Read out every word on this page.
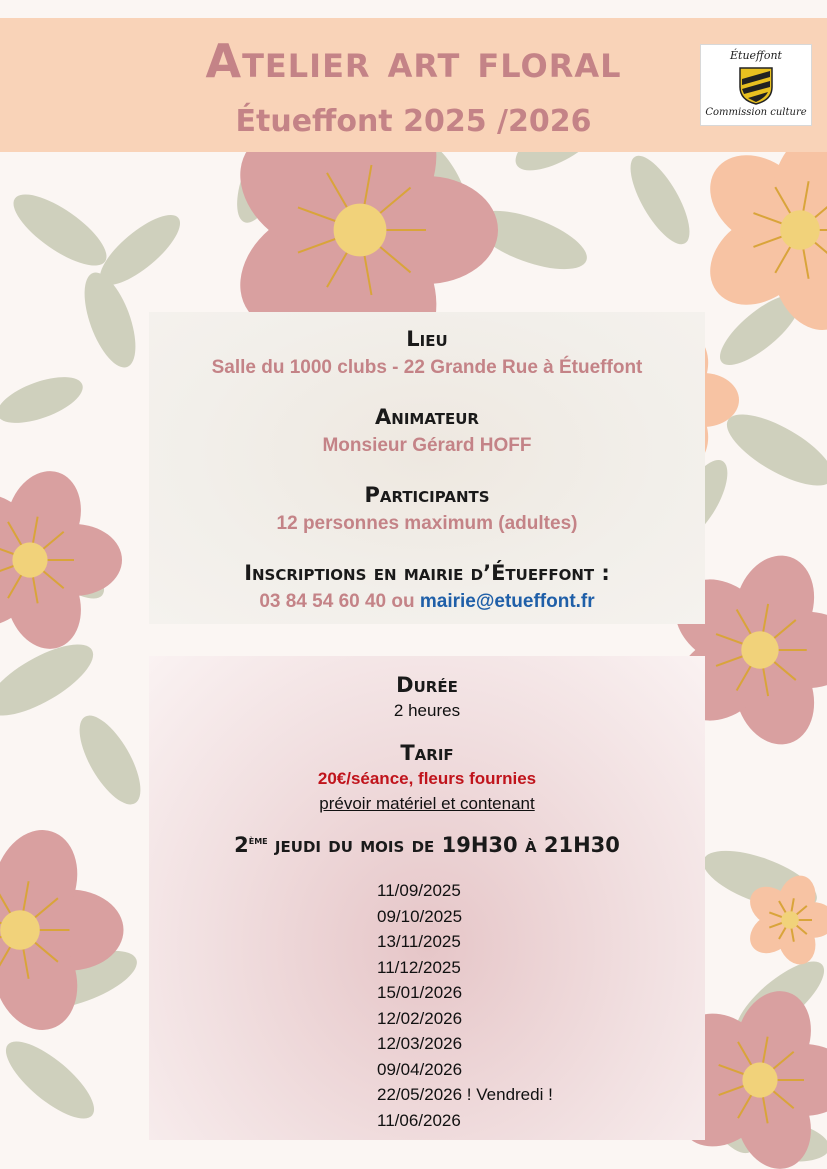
Atelier art floral
Étueffont 2025 /2026
Étueffont
Commission culture
Lieu
Salle du 1000 clubs - 22 Grande Rue à Étueffont
Animateur
Monsieur Gérard HOFF
Participants
12 personnes maximum (adultes)
Inscriptions en mairie d’Étueffont :
03 84 54 60 40 ou mairie@etueffont.fr
Durée
2 heures
Tarif
20€/séance, fleurs fournies
prévoir matériel et contenant
2ème jeudi du mois de 19H30 à 21H30
11/09/2025
09/10/2025
13/11/2025
11/12/2025
15/01/2026
12/02/2026
12/03/2026
09/04/2026
22/05/2026 ! Vendredi !
11/06/2026
